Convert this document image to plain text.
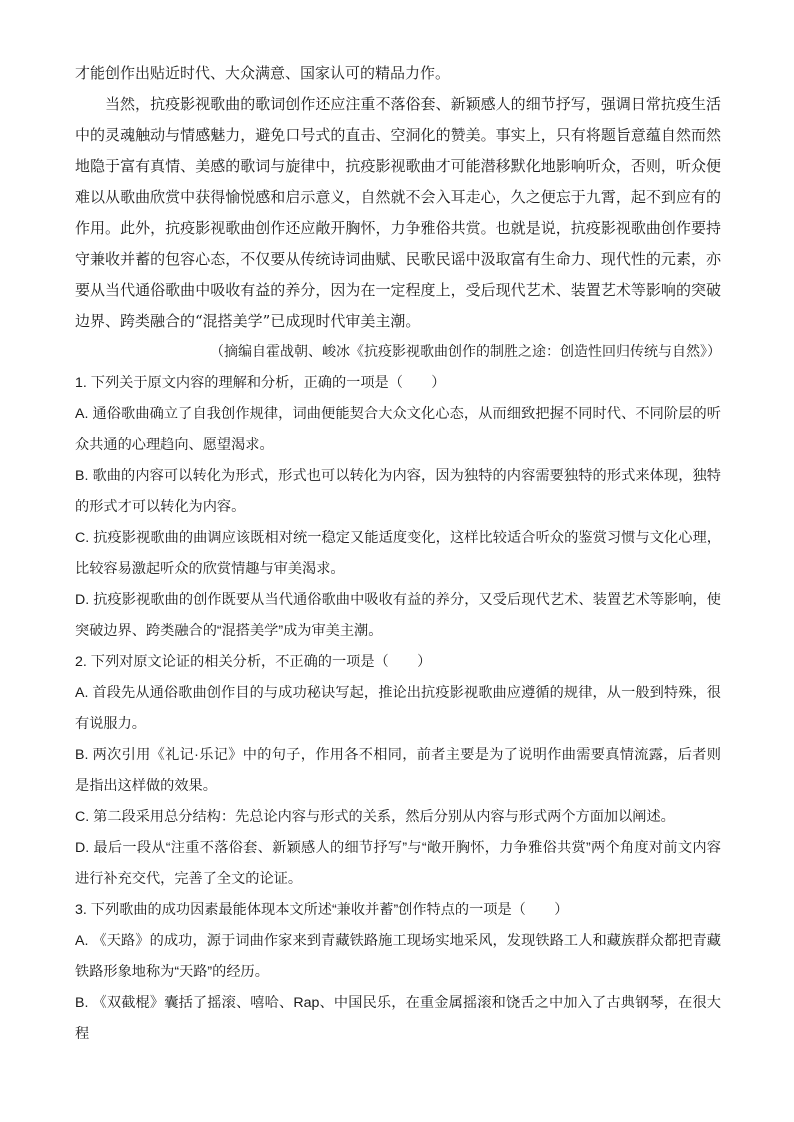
才能创作出贴近时代、大众满意、国家认可的精品力作。

当然，抗疫影视歌曲的歌词创作还应注重不落俗套、新颖感人的细节抒写，强调日常抗疫生活中的灵魂触动与情感魅力，避免口号式的直击、空洞化的赞美。事实上，只有将题旨意蕴自然而然地隐于富有真情、美感的歌词与旋律中，抗疫影视歌曲才可能潜移默化地影响听众，否则，听众便难以从歌曲欣赏中获得愉悦感和启示意义，自然就不会入耳走心，久之便忘于九霄，起不到应有的作用。此外，抗疫影视歌曲创作还应敞开胸怀，力争雅俗共赏。也就是说，抗疫影视歌曲创作要持守兼收并蓄的包容心态，不仅要从传统诗词曲赋、民歌民谣中汲取富有生命力、现代性的元素，亦要从当代通俗歌曲中吸收有益的养分，因为在一定程度上，受后现代艺术、装置艺术等影响的突破边界、跨类融合的“混搭美学”已成现时代审美主潮。

（摘编自霍战朝、峻冰《抗疫影视歌曲创作的制胜之途：创造性回归传统与自然》）

1. 下列关于原文内容的理解和分析，正确的一项是（　　）

A. 通俗歌曲确立了自我创作规律，词曲便能契合大众文化心态，从而细致把握不同时代、不同阶层的听众共通的心理趋向、愿望渴求。

B. 歌曲的内容可以转化为形式，形式也可以转化为内容，因为独特的内容需要独特的形式来体现，独特的形式才可以转化为内容。

C. 抗疫影视歌曲的曲调应该既相对统一稳定又能适度变化，这样比较适合听众的鉴赏习惯与文化心理，比较容易激起听众的欣赏情趣与审美渴求。

D. 抗疫影视歌曲的创作既要从当代通俗歌曲中吸收有益的养分，又受后现代艺术、装置艺术等影响，使突破边界、跨类融合的“混搭美学”成为审美主潮。

2. 下列对原文论证的相关分析，不正确的一项是（　　）

A. 首段先从通俗歌曲创作目的与成功秘诀写起，推论出抗疫影视歌曲应遵循的规律，从一般到特殊，很有说服力。

B. 两次引用《礼记·乐记》中的句子，作用各不相同，前者主要是为了说明作曲需要真情流露，后者则是指出这样做的效果。

C. 第二段采用总分结构：先总论内容与形式的关系，然后分别从内容与形式两个方面加以阐述。

D. 最后一段从“注重不落俗套、新颖感人的细节抒写”与“敞开胸怀，力争雅俗共赏”两个角度对前文内容进行补充交代，完善了全文的论证。

3. 下列歌曲的成功因素最能体现本文所述“兼收并蓄”创作特点的一项是（　　）

A. 《天路》的成功，源于词曲作家来到青藏铁路施工现场实地采风，发现铁路工人和藏族群众都把青藏铁路形象地称为“天路”的经历。

B. 《双截棍》囊括了摇滚、嘻哈、Rap、中国民乐，在重金属摇滚和饶舌之中加入了古典钢琴，在很大程
